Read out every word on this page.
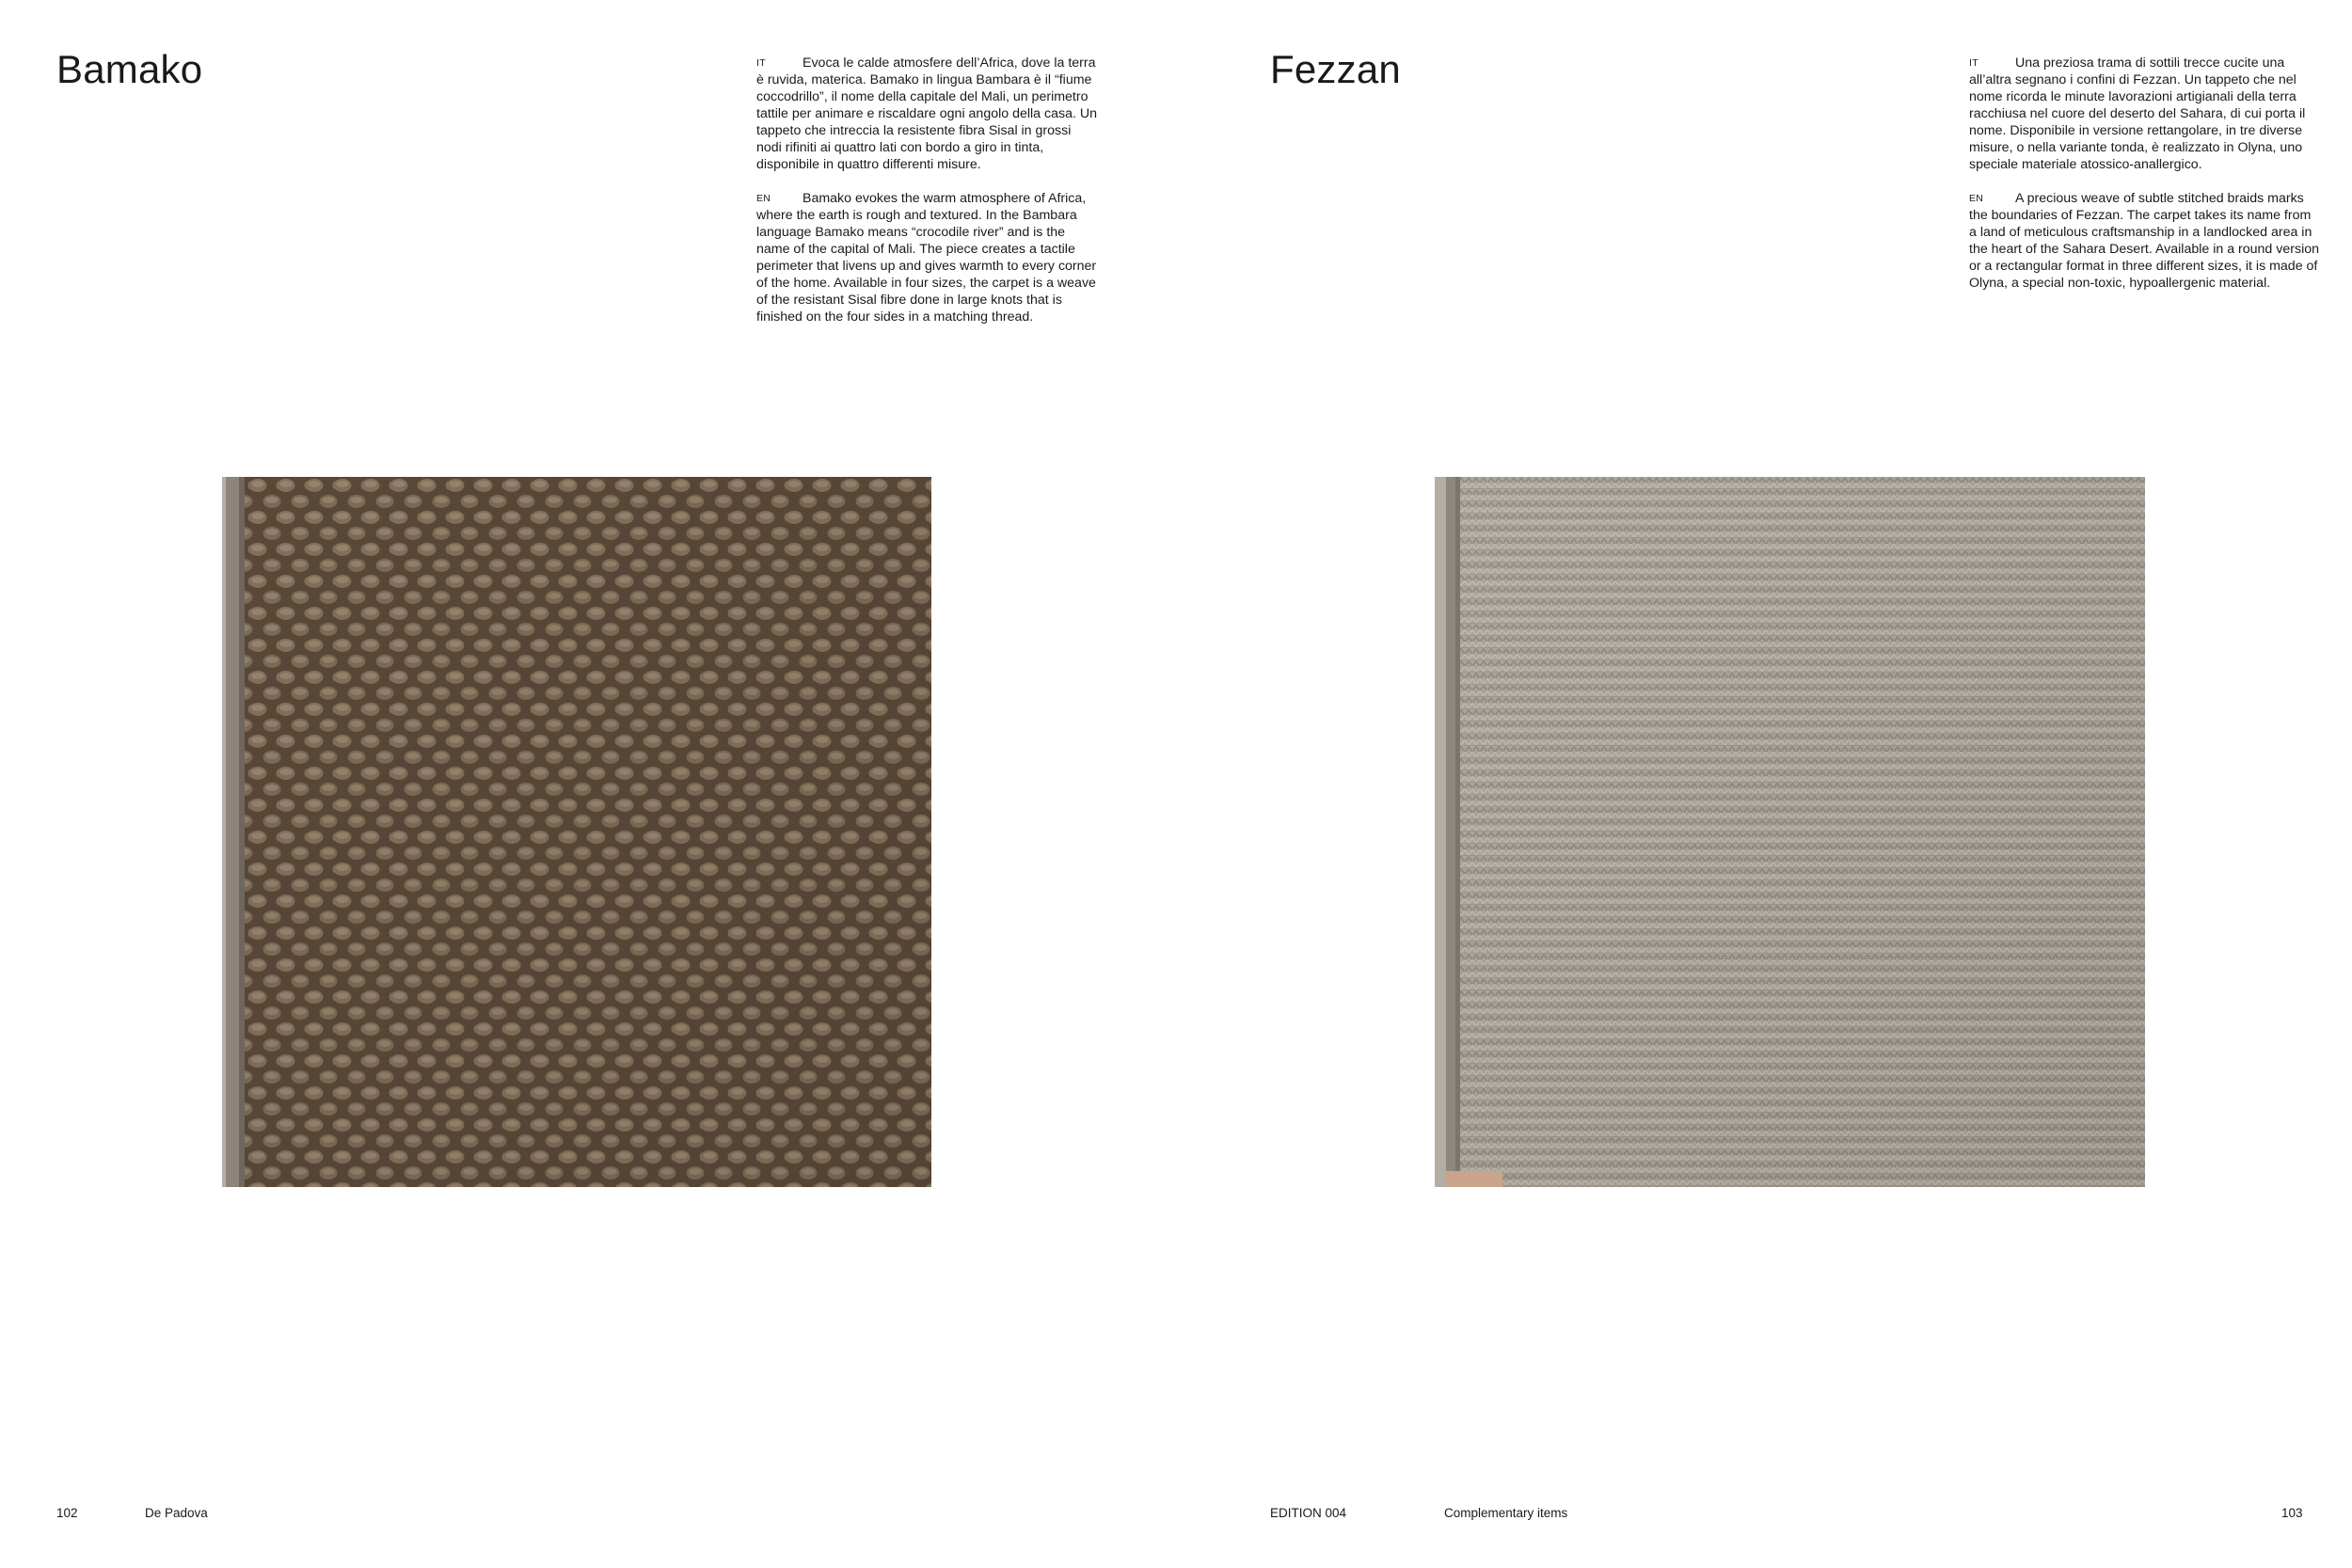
Bamako	IT	Evoca le calde atmosfere dell’Africa, dove la terra è ruvida, materica. Bamako in lingua Bambara è il “fiume coccodrillo”, il nome della capitale del Mali, un perimetro tattile per animare e riscaldare ogni angolo della casa. Un tappeto che intreccia la resistente fibra Sisal in grossi nodi rifiniti ai quattro lati con bordo a giro in tinta, disponibile in quattro differenti misure.

EN Bamako evokes the warm atmosphere of Africa, where the earth is rough and textured. In the Bambara language Bamako means “crocodile river” and is the name of the capital of Mali. The piece creates a tactile perimeter that livens up and gives warmth to every corner of the home. Available in four sizes, the carpet is a weave of the resistant Sisal fibre done in large knots that is finished on the four sides in a matching thread.

102	De Padova
Fezzan	IT	Una preziosa trama di sottili trecce cucite una all’altra segnano i confini di Fezzan. Un tappeto che nel nome ricorda le minute lavorazioni artigianali della terra racchiusa nel cuore del deserto del Sahara, di cui porta il nome. Disponibile in versione rettangolare, in tre diverse misure, o nella variante tonda, è realizzato in Olyna, uno speciale materiale atossico-anallergico.

EN A precious weave of subtle stitched braids marks the boundaries of Fezzan. The carpet takes its name from a land of meticulous craftsmanship in a landlocked area in the heart of the Sahara Desert. Available in a round version or a rectangular format in three different sizes, it is made of Olyna, a special non-toxic, hypoallergenic material.

EDITION 004	Complementary items	103
